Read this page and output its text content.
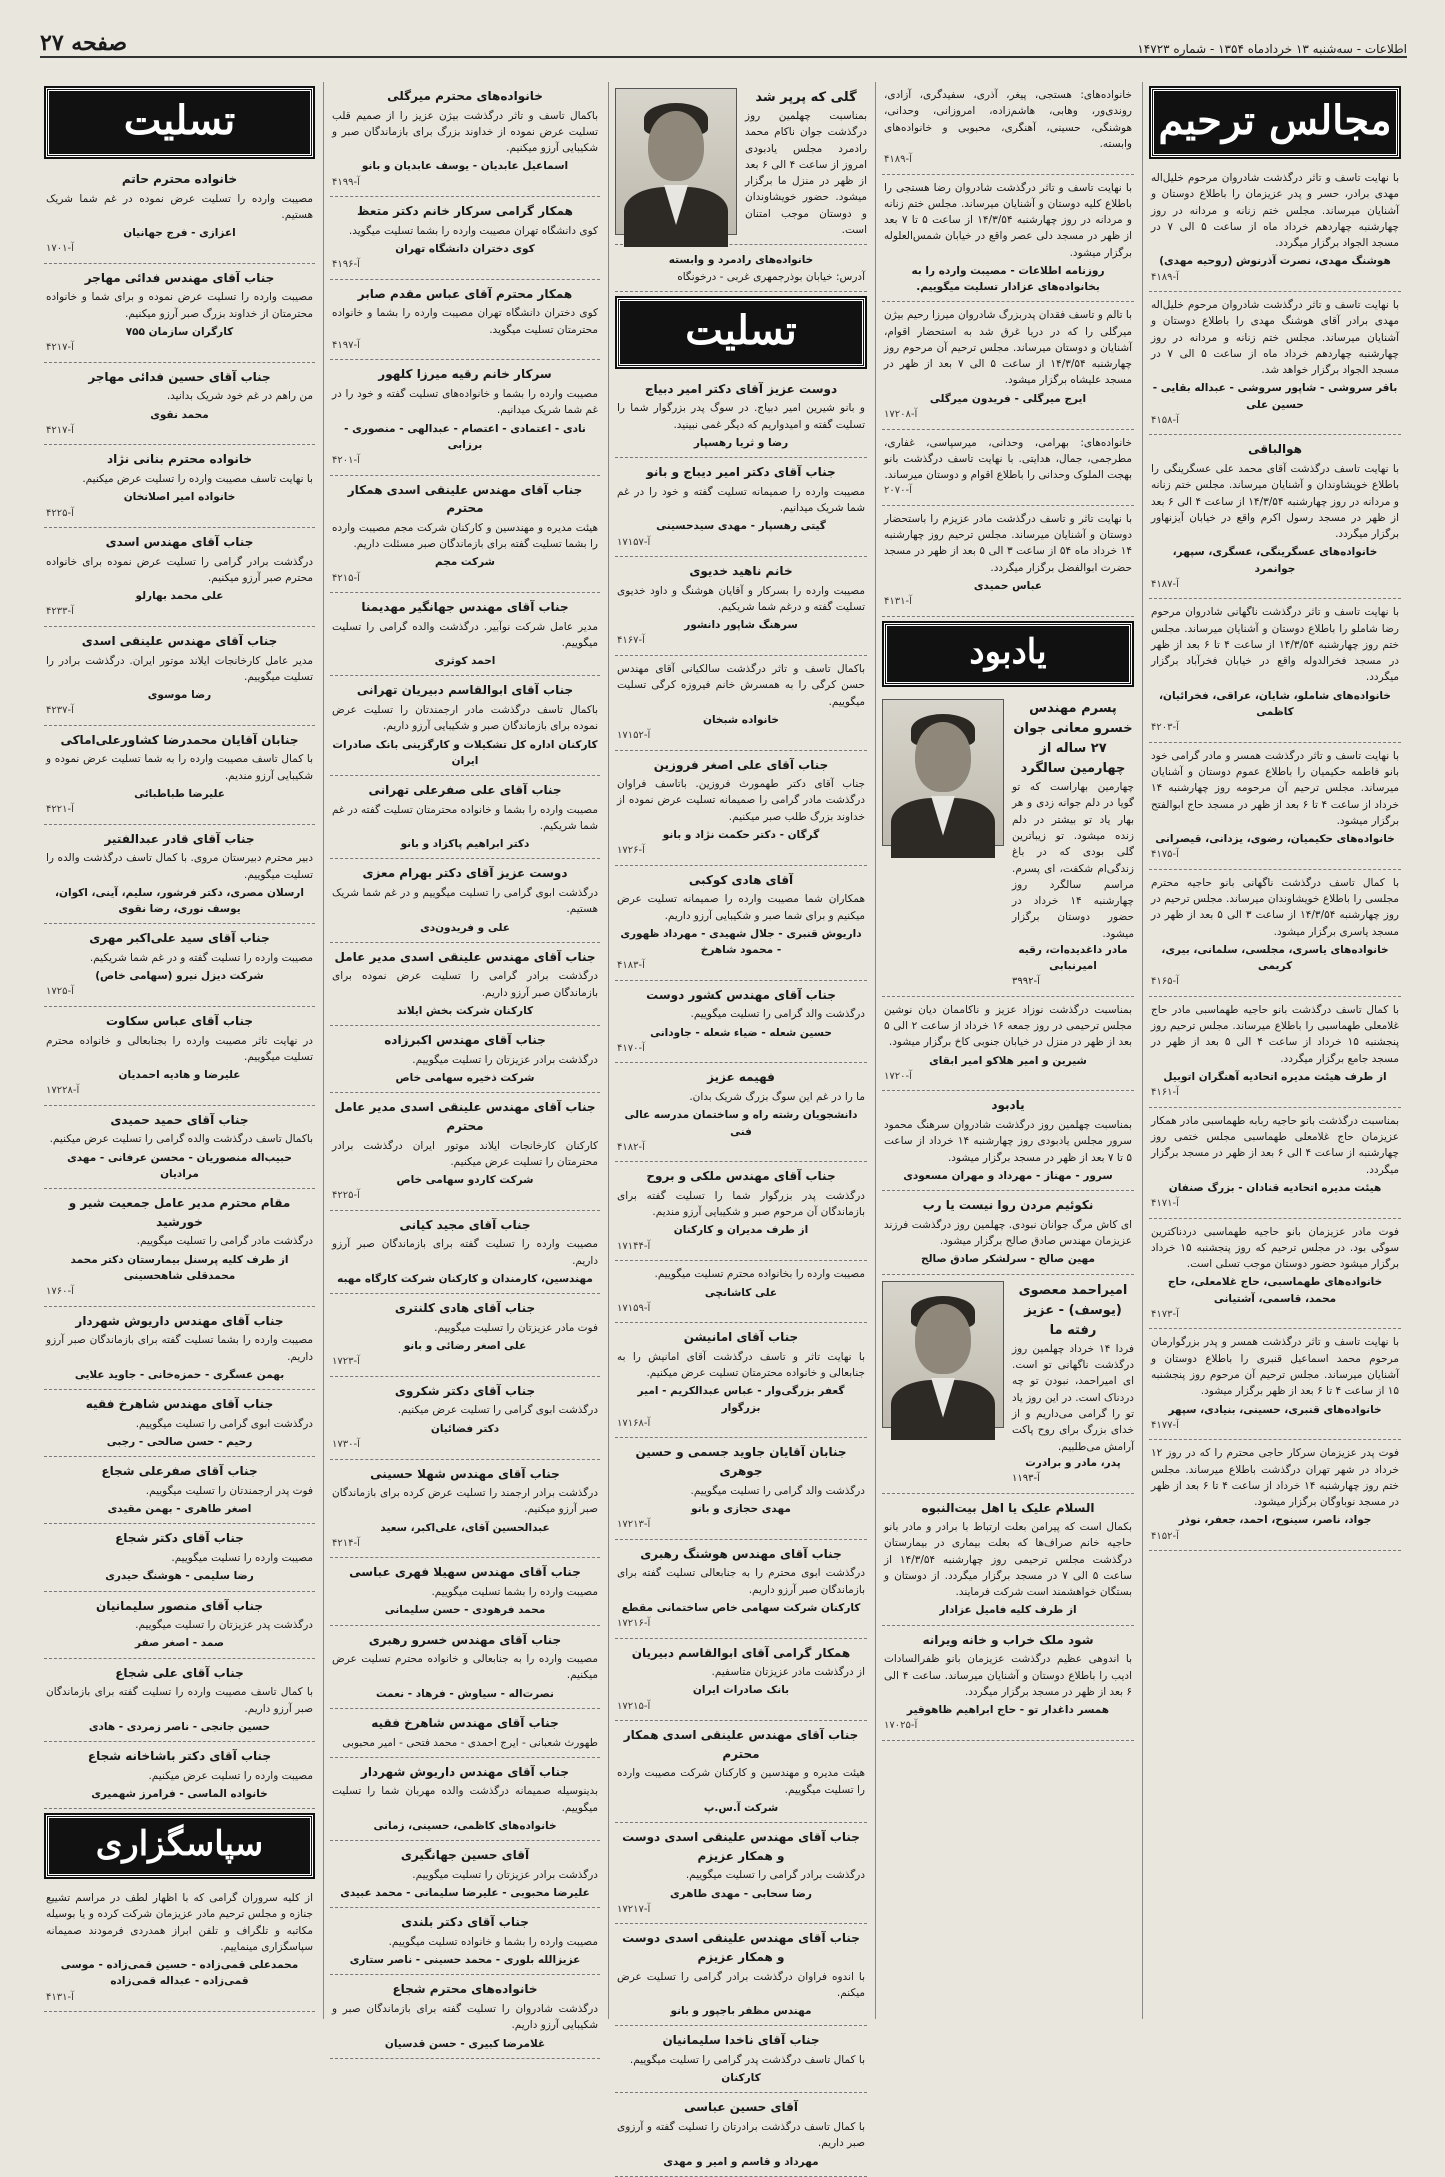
اطلاعات - سه‌شنبه ۱۳ خردادماه ۱۳۵۴ - شماره ۱۴۷۲۳
صفحه ۲۷
مجالس ترحیم
با نهایت تاسف و تاثر درگذشت شادروان مرحوم خلیل‌اله مهدی برادر، حسر و پدر عزیزمان را باطلاع دوستان و آشنایان میرساند. مجلس ختم زنانه و مردانه در روز چهارشنبه چهاردهم خرداد ماه از ساعت ۵ الی ۷ در مسجد الجواد برگزار میگردد.
هوشنگ مهدی، نصرت آذرنوش (روحیه مهدی)
آ-۴۱۸۹
با نهایت تاسف و تاثر درگذشت شادروان مرحوم خلیل‌اله مهدی برادر آقای هوشنگ مهدی را باطلاع دوستان و آشنایان میرساند. مجلس ختم زنانه و مردانه در روز چهارشنبه چهاردهم خرداد ماه از ساعت ۵ الی ۷ در مسجد الجواد برگزار خواهد شد.
باقر سروشی - شاپور سروشی - عبداله بقایی - حسین علی
آ-۴۱۵۸
هوالباقی
با نهایت تاسف درگذشت آقای محمد علی عسگرینگی را باطلاع خویشاوندان و آشنایان میرساند. مجلس ختم زنانه و مردانه در روز چهارشنبه ۱۴/۳/۵۴ از ساعت ۴ الی ۶ بعد از ظهر در مسجد رسول اکرم واقع در خیابان آیزنهاور برگزار میگردد.
خانواده‌های عسگرینگی، عسگری، سپهر، جوانمرد
آ-۴۱۸۷
با نهایت تاسف و تاثر درگذشت ناگهانی شادروان مرحوم رضا شاملو را باطلاع دوستان و آشنایان میرساند. مجلس ختم روز چهارشنبه ۱۴/۳/۵۴ از ساعت ۴ تا ۶ بعد از ظهر در مسجد فخرالدوله واقع در خیابان فخرآباد برگزار میگردد.
خانواده‌های شاملو، شایان، عراقی، فخرائیان، کاظمی
آ-۴۲۰۳
با نهایت تاسف و تاثر درگذشت همسر و مادر گرامی خود بانو فاطمه حکیمیان را باطلاع عموم دوستان و آشنایان میرساند. مجلس ترحیم آن مرحومه روز چهارشنبه ۱۴ خرداد از ساعت ۴ تا ۶ بعد از ظهر در مسجد حاج ابوالفتح برگزار میشود.
خانواده‌های حکیمیان، رضوی، یزدانی، قیصرانی
آ-۴۱۷۵
با کمال تاسف درگذشت ناگهانی بانو حاجیه محترم مجلسی را باطلاع خویشاوندان میرساند. مجلس ترحیم در روز چهارشنبه ۱۴/۳/۵۴ از ساعت ۳ الی ۵ بعد از ظهر در مسجد یاسری برگزار میشود.
خانواده‌های یاسری، مجلسی، سلمانی، بیری، کریمی
آ-۴۱۶۵
با کمال تاسف درگذشت بانو حاجیه طهماسبی مادر حاج غلامعلی طهماسبی را باطلاع میرساند. مجلس ترحیم روز پنجشنبه ۱۵ خرداد از ساعت ۴ الی ۵ بعد از ظهر در مسجد جامع برگزار میگردد.
از طرف هیئت مدیره اتحادیه آهنگران اتوبیل
آ-۴۱۶۱
بمناسبت درگذشت بانو حاجیه ربابه طهماسبی مادر همکار عزیزمان حاج غلامعلی طهماسبی مجلس ختمی روز چهارشنبه از ساعت ۴ الی ۶ بعد از ظهر در مسجد برگزار میگردد.
هیئت مدیره اتحادیه قنادان - بزرگ صنفان
آ-۴۱۷۱
فوت مادر عزیزمان بانو حاجیه طهماسبی دردناکترین سوگی بود. در مجلس ترحیم که روز پنجشنبه ۱۵ خرداد برگزار میشود حضور دوستان موجب تسلی است.
خانواده‌های طهماسبی، حاج غلامعلی، حاج محمد، قاسمی، آشتیانی
آ-۴۱۷۳
با نهایت تاسف و تاثر درگذشت همسر و پدر بزرگوارمان مرحوم محمد اسماعیل قنبری را باطلاع دوستان و آشنایان میرساند. مجلس ترحیم آن مرحوم روز پنجشنبه ۱۵ از ساعت ۴ تا ۶ بعد از ظهر برگزار میشود.
خانواده‌های قنبری، حسینی، بنیادی، سپهر
آ-۴۱۷۷
فوت پدر عزیزمان سرکار حاجی محترم را که در روز ۱۲ خرداد در شهر تهران درگذشت باطلاع میرساند. مجلس ختم روز چهارشنبه ۱۴ خرداد از ساعت ۴ تا ۶ بعد از ظهر در مسجد نوباوگان برگزار میشود.
جواد، ناصر، سینوح، احمد، جعفر، نوذر
آ-۴۱۵۲
خانواده‌های: هستجی، پیغر، آذری، سفیدگری، آزادی، روندی‌ور، وهابی، هاشم‌زاده، امروزانی، وحدانی، هوشنگی، حسینی، آهنگری، محبوبی و خانواده‌های وابسته.
آ-۴۱۸۹
با نهایت تاسف و تاثر درگذشت شادروان رضا هستجی را باطلاع کلیه دوستان و آشنایان میرساند. مجلس ختم زنانه و مردانه در روز چهارشنبه ۱۴/۳/۵۴ از ساعت ۵ تا ۷ بعد از ظهر در مسجد دلی عصر واقع در خیابان شمس‌العلوله برگزار میشود.
روزنامه اطلاعات - مصیبت وارده را به بخانواده‌های عزادار تسلیت میگوییم.
با تالم و تاسف فقدان پدربزرگ شادروان میرزا رحیم بیژن میرگلی را که در دریا غرق شد به استحضار اقوام، آشنایان و دوستان میرساند. مجلس ترحیم آن مرحوم روز چهارشنبه ۱۴/۳/۵۴ از ساعت ۵ الی ۷ بعد از ظهر در مسجد علیشاه برگزار میشود.
ایرج میرگلی - فریدون میرگلی
آ-۱۷۲۰۸
خانواده‌های: بهرامی، وحدانی، میرسپاسی، غفاری، مطرجمی، جمال، هدایتی. با نهایت تاسف درگذشت بانو بهجت الملوک وحدانی را باطلاع اقوام و دوستان میرساند.
آ-۲۰۷۰
با نهایت تاثر و تاسف درگذشت مادر عزیزم را باستحضار دوستان و آشنایان میرساند. مجلس ترحیم روز چهارشنبه ۱۴ خرداد ماه ۵۴ از ساعت ۳ الی ۵ بعد از ظهر در مسجد حضرت ابوالفضل برگزار میگردد.
عباس حمیدی
آ-۴۱۳۱
یادبود
پسرم مهندس خسرو معانی جوان ۲۷ ساله از چهارمین سالگرد
چهارمین بهاراست که تو گویا در دلم جوانه زدی و هر بهار یاد تو بیشتر در دلم زنده میشود. تو زیباترین گلی بودی که در باغ زندگی‌ام شکفت، ای پسرم. مراسم سالگرد روز چهارشنبه ۱۴ خرداد در حضور دوستان برگزار میشود.
مادر داغدیده‌ات، رقیه امیرنبابی
آ-۳۹۹۲
بمناسبت درگذشت نوزاد عزیز و ناکاممان دیان نوشین مجلس ترحیمی در روز جمعه ۱۶ خرداد از ساعت ۲ الی ۵ بعد از ظهر در منزل در خیابان جنوبی کاخ برگزار میشود.
شیرین و امیر هلاکو امیر ابقای
آ-۱۷۲۰
یادبود
بمناسبت چهلمین روز درگذشت شادروان سرهنگ محمود سرور مجلس یادبودی روز چهارشنبه ۱۴ خرداد از ساعت ۵ تا ۷ بعد از ظهر در مسجد برگزار میشود.
سرور - مهناز - مهرداد و مهران مسعودی
نکوئیم مردن روا نیست یا رب
ای کاش مرگ جوانان نبودی. چهلمین روز درگذشت فرزند عزیزمان مهندس صادق صالح برگزار میشود.
مهین صالح - سرلشکر صادق صالح
امیراحمد معصوی (یوسف) - عزیز رفته ما
فردا ۱۴ خرداد چهلمین روز درگذشت ناگهانی تو است. ای امیراحمد، نبودن تو چه دردناک است. در این روز یاد تو را گرامی می‌داریم و از خدای بزرگ برای روح پاکت آرامش می‌طلبیم.
پدر، مادر و برادرت
آ-۱۱۹۳
السلام علیک یا اهل بیت‌النبوه
بکمال است که پیرامن بعلت ارتباط با برادر و مادر بانو حاجیه خانم صراف‌ها که بعلت بیماری در بیمارستان درگذشت مجلس ترحیمی روز چهارشنبه ۱۴/۳/۵۴ از ساعت ۵ الی ۷ در مسجد برگزار میگردد. از دوستان و بستگان خواهشمند است شرکت فرمایند.
از طرف کلیه فامیل عزادار
شود ملک خراب و خانه ویرانه
با اندوهی عظیم درگذشت عزیزمان بانو ظفرالسادات ادیب را باطلاع دوستان و آشنایان میرساند. ساعت ۴ الی ۶ بعد از ظهر در مسجد برگزار میگردد.
همسر داغدار تو - حاج ابراهیم ظاهوقیر
آ-۱۷۰۲۵
گلی که پرپر شد
بمناسبت چهلمین روز درگذشت جوان ناکام محمد رادمرد مجلس یادبودی امروز از ساعت ۴ الی ۶ بعد از ظهر در منزل ما برگزار میشود. حضور خویشاوندان و دوستان موجب امتنان است.
خانواده‌های رادمرد و وابسته
آدرس: خیابان بوذرجمهری غربی - درخونگاه
تسلیت
دوست عزیز آقای دکتر امیر دبیاج
و بانو شیرین امیر دبیاج. در سوگ پدر بزرگوار شما را تسلیت گفته و امیدواریم که دیگر غمی نبینید.
رضا و ثریا رهسپار
جناب آقای دکتر امیر دیباج و بانو
مصیبت وارده را صمیمانه تسلیت گفته و خود را در غم شما شریک میدانیم.
گیتی رهسپار - مهدی سیدحسینی
آ-۱۷۱۵۷
خانم ناهید خدیوی
مصیبت وارده را بسرکار و آقایان هوشنگ و داود خدیوی تسلیت گفته و درغم شما شریکیم.
سرهنگ شاپور دانشور
آ-۴۱۶۷
باکمال تاسف و تاثر درگذشت سالکیانی آقای مهندس حسن کرگی را به همسرش خانم فیروزه کرگی تسلیت میگوییم.
خانواده شبخان
آ-۱۷۱۵۲
جناب آقای علی اصغر فروزین
جناب آقای دکتر طهمورث فروزین. باتاسف فراوان درگذشت مادر گرامی را صمیمانه تسلیت عرض نموده از خداوند بزرگ طلب صبر میکنیم.
گرگان - دکتر حکمت نژاد و بانو
آ-۱۷۲۶
آقای هادی کوکبی
همکاران شما مصیبت وارده را صمیمانه تسلیت عرض میکنیم و برای شما صبر و شکیبایی آرزو داریم.
داریوش قنبری - جلال شهیدی - مهرداد ظهوری - محمود شاهرخ
آ-۴۱۸۳
جناب آقای مهندس کشور دوست
درگذشت والد گرامی را تسلیت میگوییم.
حسین شعله - ضیاء شعله - جاودانی
آ-۴۱۷۰
فهیمه عزیز
ما را در غم این سوگ بزرگ شریک بدان.
دانشجویان رشته راه و ساختمان مدرسه عالی فنی
آ-۴۱۸۲
جناب آقای مهندس ملکی و بروح
درگذشت پدر بزرگوار شما را تسلیت گفته برای بازماندگان آن مرحوم صبر و شکیبایی آرزو مندیم.
از طرف مدیران و کارکنان
آ-۱۷۱۴۴
مصیبت وارده را بخانواده محترم تسلیت میگوییم.
علی کاشانچی
آ-۱۷۱۵۹
جناب آقای امانیشن
با نهایت تاثر و تاسف درگذشت آقای امانیش را به جنابعالی و خانواده محترمتان تسلیت عرض میکنیم.
گعفر بزرگی‌وار - عباس عبدالکریم - امیر بزرگوار
آ-۱۷۱۶۸
جنابان آقایان جاوید جسمی و حسین جوهری
درگذشت والد گرامی را تسلیت میگوییم.
مهدی حجازی و بانو
آ-۱۷۲۱۳
جناب آقای مهندس هوشنگ رهبری
درگذشت ابوی محترم را به جنابعالی تسلیت گفته برای بازماندگان صبر آرزو داریم.
کارکنان شرکت سهامی خاص ساختمانی مقطع
آ-۱۷۲۱۶
همکار گرامی آقای ابوالقاسم دبیریان
از درگذشت مادر عزیزتان متاسفیم.
بانک صادرات ایران
آ-۱۷۲۱۵
جناب آقای مهندس علینقی اسدی همکار محترم
هیئت مدیره و مهندسین و کارکنان شرکت مصیبت وارده را تسلیت میگوییم.
شرکت آ.س.پ
جناب آقای مهندس علینقی اسدی دوست و همکار عزیزم
درگذشت برادر گرامی را تسلیت میگوییم.
رضا سحابی - مهدی طاهری
آ-۱۷۲۱۷
جناب آقای مهندس علینقی اسدی دوست و همکار عزیزم
با اندوه فراوان درگذشت برادر گرامی را تسلیت عرض میکنم.
مهندس مظفر باجپور و بانو
جناب آقای ناخدا سلیمانیان
با کمال تاسف درگذشت پدر گرامی را تسلیت میگوییم.
کارکنان
آقای حسین عباسی
با کمال تاسف درگذشت برادرتان را تسلیت گفته و آرزوی صبر داریم.
مهرداد و قاسم و امیر و مهدی
خانواده‌های محترم میرگلی
باکمال تاسف و تاثر درگذشت بیژن عزیز را از صمیم قلب تسلیت عرض نموده از خداوند بزرگ برای بازماندگان صبر و شکیبایی آرزو میکنیم.
اسماعیل عابدیان - یوسف عابدیان و بانو
آ-۴۱۹۹
همکار گرامی سرکار خانم دکتر متعظ
کوی دانشگاه تهران مصیبت وارده را بشما تسلیت میگوید.
کوی دختران دانشگاه تهران
آ-۴۱۹۶
همکار محترم آقای عباس مقدم صابر
کوی دختران دانشگاه تهران مصیبت وارده را بشما و خانواده محترمتان تسلیت میگوید.
آ-۴۱۹۷
سرکار خانم رقیه میرزا کلهور
مصیبت وارده را بشما و خانواده‌های تسلیت گفته و خود را در غم شما شریک میدانیم.
نادی - اعتمادی - اعتصام - عبدالهی - منصوری - برزابی
آ-۴۲۰۱
جناب آقای مهندس علینقی اسدی همکار محترم
هیئت مدیره و مهندسین و کارکنان شرکت مجم مصیبت وارده را بشما تسلیت گفته برای بازماندگان صبر مسئلت داریم.
شرکت مجم
آ-۴۲۱۵
جناب آقای مهندس جهانگیر مهدیمنا
مدیر عامل شرکت نوآبیر. درگذشت والده گرامی را تسلیت میگوییم.
احمد کوثری
جناب آقای ابوالقاسم دبیریان تهرانی
باکمال تاسف درگذشت مادر ارجمندتان را تسلیت عرض نموده برای بازماندگان صبر و شکیبایی آرزو داریم.
کارکنان اداره کل تشکیلات و کارگزینی بانک صادرات ایران
جناب آقای علی صفرعلی تهرانی
مصیبت وارده را بشما و خانواده محترمتان تسلیت گفته در غم شما شریکیم.
دکتر ابراهیم پاکزاد و بانو
دوست عزیز آقای دکتر بهرام معزی
درگذشت ابوی گرامی را تسلیت میگوییم و در غم شما شریک هستیم.
علی و فریدون‌دی
جناب آقای مهندس علینقی اسدی مدیر عامل
درگذشت برادر گرامی را تسلیت عرض نموده برای بازماندگان صبر آرزو داریم.
کارکنان شرکت بخش ایلاند
جناب آقای مهندس اکبرزاده
درگذشت برادر عزیزتان را تسلیت میگوییم.
شرکت ذخیره سهامی خاص
جناب آقای مهندس علینقی اسدی مدیر عامل محترم
کارکنان کارخانجات ایلاند موتور ایران درگذشت برادر محترمتان را تسلیت عرض میکنیم.
شرکت کاردو سهامی خاص
آ-۴۲۲۵
جناب آقای مجید کیانی
مصیبت وارده را تسلیت گفته برای بازماندگان صبر آرزو داریم.
مهندسین، کارمندان و کارکنان شرکت کارگاه مهبه
جناب آقای هادی کلنتری
فوت مادر عزیزتان را تسلیت میگوییم.
علی اصغر رضائی و بانو
آ-۱۷۲۳
جناب آقای دکتر شکروی
درگذشت ابوی گرامی را تسلیت عرض میکنیم.
دکتر فضائیان
آ-۱۷۳۰
جناب آقای مهندس شهلا حسینی
درگذشت برادر ارجمند را تسلیت عرض کرده برای بازماندگان صبر آرزو میکنیم.
عبدالحسین آقای، علی‌اکبر، سعید
آ-۴۲۱۴
جناب آقای مهندس سهیلا فهری عباسی
مصیبت وارده را بشما تسلیت میگوییم.
محمد فرهودی - حسن سلیمانی
جناب آقای مهندس خسرو رهبری
مصیبت وارده را به جنابعالی و خانواده محترم تسلیت عرض میکنیم.
نصرت‌اله - سیاوش - فرهاد - نعمت
جناب آقای مهندس شاهرخ فقیه
طهورث شعبانی - ایرج احمدی - محمد فتحی - امیر محبوبی
جناب آقای مهندس داریوش شهردار
بدینوسیله صمیمانه درگذشت والده مهربان شما را تسلیت میگوییم.
خانواده‌های کاظمی، حسینی، زمانی
آقای حسین جهانگیری
درگذشت برادر عزیزتان را تسلیت میگوییم.
علیرضا محبوبی - علیرضا سلیمانی - محمد عبیدی
جناب آقای دکتر بلندی
مصیبت وارده را بشما و خانواده تسلیت میگوییم.
عزیزالله بلوری - محمد حسینی - ناصر ستاری
خانواده‌های محترم شجاع
درگذشت شادروان را تسلیت گفته برای بازماندگان صبر و شکیبایی آرزو داریم.
غلامرضا کبیری - حسن قدسیان
تسلیت
خانواده محترم حاتم
مصیبت وارده را تسلیت عرض نموده در غم شما شریک هستیم.
اعزازی - فرج جهانیان
آ-۱۷۰۱
جناب آقای مهندس فدائی مهاجر
مصیبت وارده را تسلیت عرض نموده و برای شما و خانواده محترمتان از خداوند بزرگ صبر آرزو میکنیم.
کارگران سازمان ۷۵۵
آ-۴۲۱۷
جناب آقای حسین فدائی مهاجر
من راهم در غم خود شریک بدانید.
محمد نقوی
آ-۴۲۱۷
خانواده محترم بنانی نژاد
با نهایت تاسف مصیبت وارده را تسلیت عرض میکنیم.
خانواده امیر اصلانخان
آ-۴۲۲۵
جناب آقای مهندس اسدی
درگذشت برادر گرامی را تسلیت عرض نموده برای خانواده محترم صبر آرزو میکنیم.
علی محمد بهارلو
آ-۴۲۳۳
جناب آقای مهندس علینقی اسدی
مدیر عامل کارخانجات ایلاند موتور ایران. درگذشت برادر را تسلیت میگوییم.
رضا موسوی
آ-۴۲۳۷
جنابان آقایان محمدرضا کشاورعلی‌اماکی
با کمال تاسف مصیبت وارده را به شما تسلیت عرض نموده و شکیبایی آرزو مندیم.
علیرضا طباطبائی
آ-۴۲۲۱
جناب آقای قادر عبدالفتیر
دبیر محترم دبیرستان مروی. با کمال تاسف درگذشت والده را تسلیت میگوییم.
ارسلان مصری، دکتر فرشور، سلیم، آینی، اکوان، یوسف نوری، رضا نقوی
جناب آقای سید علی‌اکبر مهری
مصیبت وارده را تسلیت گفته و در غم شما شریکیم.
شرکت دیزل نیرو (سهامی خاص)
آ-۱۷۲۵
جناب آقای عباس سکاوت
در نهایت تاثر مصیبت وارده را بجنابعالی و خانواده محترم تسلیت میگوییم.
علیرضا و هادیه احمدیان
آ-۱۷۲۲۸
جناب آقای حمید حمیدی
باکمال تاسف درگذشت والده گرامی را تسلیت عرض میکنیم.
حبیب‌اله منصوریان - محسن عرفانی - مهدی مرادیان
مقام محترم مدیر عامل جمعیت شیر و خورشید
درگذشت مادر گرامی را تسلیت میگوییم.
از طرف کلیه پرسنل بیمارستان دکتر محمد محمدقلی شاهحسینی
آ-۱۷۶۰
جناب آقای مهندس داریوش شهردار
مصیبت وارده را بشما تسلیت گفته برای بازماندگان صبر آرزو داریم.
بهمن عسگری - حمزه‌خانی - جاوید علایی
جناب آقای مهندس شاهرخ فقیه
درگذشت ابوی گرامی را تسلیت میگوییم.
رحیم - حسن صالحی - رجبی
جناب آقای صفرعلی شجاع
فوت پدر ارجمندتان را تسلیت میگوییم.
اصغر طاهری - بهمن مقیدی
جناب آقای دکتر شجاع
مصیبت وارده را تسلیت میگوییم.
رضا سلیمی - هوشنگ حیدری
جناب آقای منصور سلیمانیان
درگذشت پدر عزیزتان را تسلیت میگوییم.
صمد - اصغر صفر
جناب آقای علی شجاع
با کمال تاسف مصیبت وارده را تسلیت گفته برای بازماندگان صبر آرزو داریم.
حسین جانجی - ناصر زمردی - هادی
جناب آقای دکتر باشاخانه شجاع
مصیبت وارده را تسلیت عرض میکنیم.
خانواده الماسی - فرامرز شهمیری
سپاسگزاری
از کلیه سروران گرامی که با اظهار لطف در مراسم تشییع جنازه و مجلس ترحیم مادر عزیزمان شرکت کرده و یا بوسیله مکاتبه و تلگراف و تلفن ابراز همدردی فرمودند صمیمانه سپاسگزاری مینماییم.
محمدعلی قمی‌زاده - حسین قمی‌زاده - موسی قمی‌زاده - عبداله قمی‌زاده
آ-۴۱۳۱
